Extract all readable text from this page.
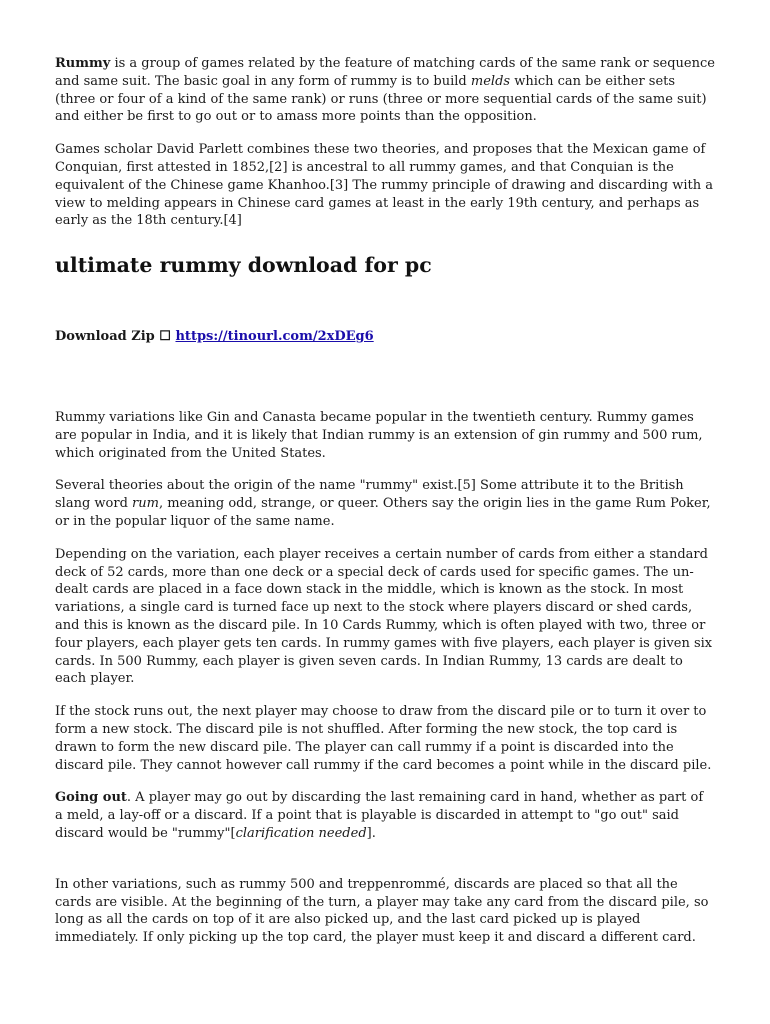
Rummy is a group of games related by the feature of matching cards of the same rank or sequence and same suit. The basic goal in any form of rummy is to build melds which can be either sets (three or four of a kind of the same rank) or runs (three or more sequential cards of the same suit) and either be first to go out or to amass more points than the opposition.

Games scholar David Parlett combines these two theories, and proposes that the Mexican game of Conquian, first attested in 1852,[2] is ancestral to all rummy games, and that Conquian is the equivalent of the Chinese game Khanhoo.[3] The rummy principle of drawing and discarding with a view to melding appears in Chinese card games at least in the early 19th century, and perhaps as early as the 18th century.[4]

ultimate rummy download for pc

Download Zip ☐ https://tinourl.com/2xDEg6

Rummy variations like Gin and Canasta became popular in the twentieth century. Rummy games are popular in India, and it is likely that Indian rummy is an extension of gin rummy and 500 rum, which originated from the United States.

Several theories about the origin of the name "rummy" exist.[5] Some attribute it to the British slang word rum, meaning odd, strange, or queer. Others say the origin lies in the game Rum Poker, or in the popular liquor of the same name.

Depending on the variation, each player receives a certain number of cards from either a standard deck of 52 cards, more than one deck or a special deck of cards used for specific games. The un-dealt cards are placed in a face down stack in the middle, which is known as the stock. In most variations, a single card is turned face up next to the stock where players discard or shed cards, and this is known as the discard pile. In 10 Cards Rummy, which is often played with two, three or four players, each player gets ten cards. In rummy games with five players, each player is given six cards. In 500 Rummy, each player is given seven cards. In Indian Rummy, 13 cards are dealt to each player.

If the stock runs out, the next player may choose to draw from the discard pile or to turn it over to form a new stock. The discard pile is not shuffled. After forming the new stock, the top card is drawn to form the new discard pile. The player can call rummy if a point is discarded into the discard pile. They cannot however call rummy if the card becomes a point while in the discard pile.

Going out. A player may go out by discarding the last remaining card in hand, whether as part of a meld, a lay-off or a discard. If a point that is playable is discarded in attempt to "go out" said discard would be "rummy"[clarification needed].

In other variations, such as rummy 500 and treppenrommé, discards are placed so that all the cards are visible. At the beginning of the turn, a player may take any card from the discard pile, so long as all the cards on top of it are also picked up, and the last card picked up is played immediately. If only picking up the top card, the player must keep it and discard a different card.
